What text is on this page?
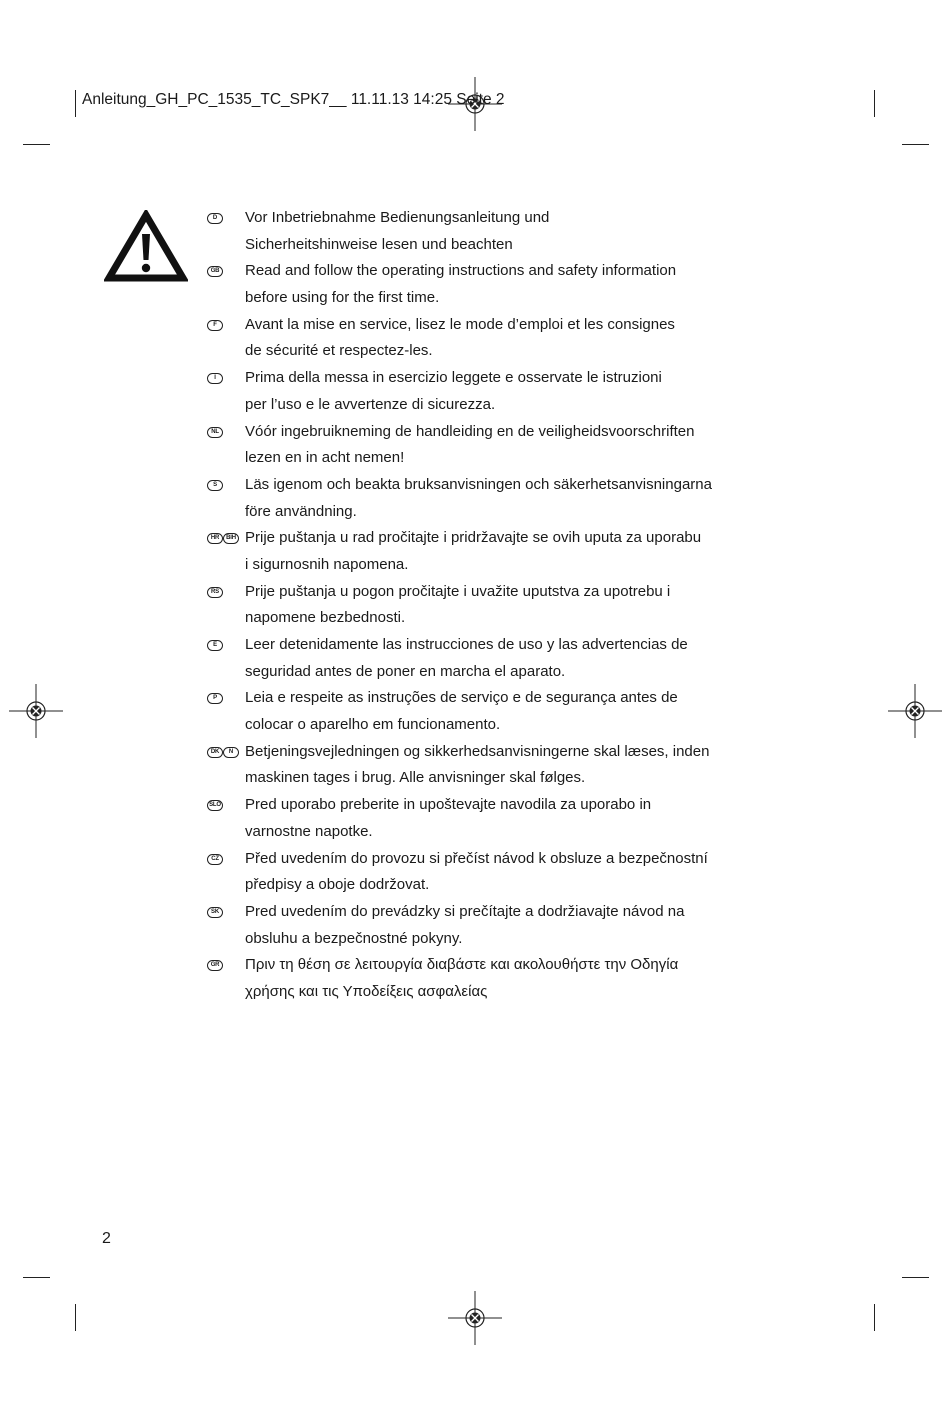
Anleitung_GH_PC_1535_TC_SPK7__ 11.11.13 14:25 Seite 2
D	Vor Inbetriebnahme Bedienungsanleitung und
Sicherheitshinweise lesen und beachten
GB	Read and follow the operating instructions and safety information
before using for the first time.
F	Avant la mise en service, lisez le mode d’emploi et les consignes
de sécurité et respectez-les.
I	Prima della messa in esercizio leggete e osservate le istruzioni
per l’uso e le avvertenze di sicurezza.
NL	Vóór ingebruikneming de handleiding en de veiligheidsvoorschriften
lezen en in acht nemen!
S	Läs igenom och beakta bruksanvisningen och säkerhetsanvisningarna
före användning.
HR	BIH Prije puštanja u rad pročitajte i pridržavajte se ovih uputa za uporabu
i sigurnosnih napomena.
RS	Prije puštanja u pogon pročitajte i uvažite uputstva za upotrebu i
napomene bezbednosti.
E	Leer detenidamente las instrucciones de uso y las advertencias de
seguridad antes de poner en marcha el aparato.
P	Leia e respeite as instruções de serviço e de segurança antes de
colocar o aparelho em funcionamento.
DK	N Betjeningsvejledningen og sikkerhedsanvisningerne skal læses, inden
maskinen tages i brug. Alle anvisninger skal følges.
SLO	Pred uporabo preberite in upoštevajte navodila za uporabo in
varnostne napotke.
CZ	Před uvedením do provozu si přečíst návod k obsluze a bezpečnostní
předpisy a oboje dodržovat.
SK	Pred uvedením do prevádzky si prečítajte a dodržiavajte návod na
obsluhu a bezpečnostné pokyny.
GR	Πριν τη θέση σε λειτουργία διαβάστε και ακολουθήστε την Οδηγία
χρήσης και τις Υποδείξεις ασφαλείας
2
